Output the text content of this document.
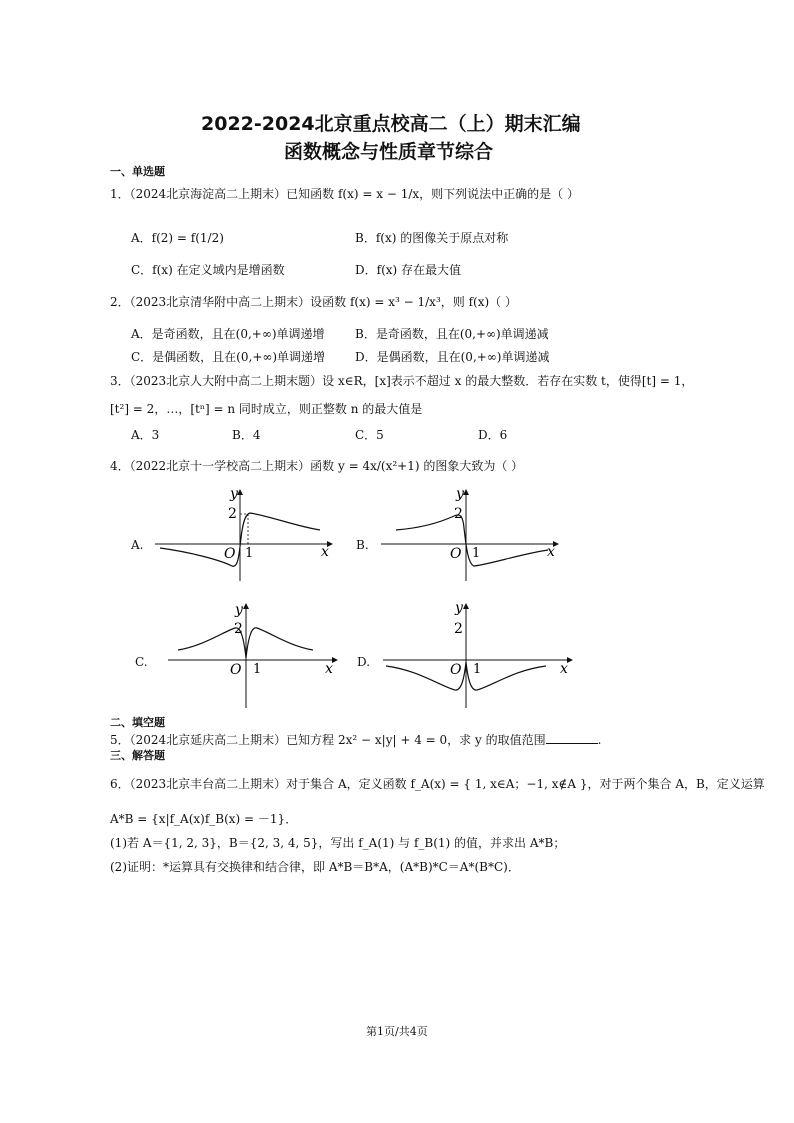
2022-2024北京重点校高二（上）期末汇编
函数概念与性质章节综合
一、单选题
1．（2024北京海淀高二上期末）已知函数 f(x) = x − 1/x，则下列说法中正确的是（ ）
A．f(2) = f(1/2)	B．f(x) 的图像关于原点对称
C．f(x) 在定义域内是增函数	D．f(x) 存在最大值
2．（2023北京清华附中高二上期末）设函数 f(x) = x³ − 1/x³，则 f(x)（ ）
A．是奇函数，且在(0,+∞)单调递增	B．是奇函数，且在(0,+∞)单调递减
C．是偶函数，且在(0,+∞)单调递增 D．是偶函数，且在(0,+∞)单调递减
3．（2023北京人大附中高二上期末题）设 x∈R，[x]表示不超过 x 的最大整数．若存在实数 t，使得[t] = 1，
[t²] = 2，…，[tⁿ] = n 同时成立，则正整数 n 的最大值是
A．3	B．4	C．5	D．6
4．（2022北京十一学校高二上期末）函数 y = 4x/(x²+1) 的图象大致为（ ）
A.	B.
C.	D.
y
2
O 1	x
y
2
O 1	x
y
2
O 1	x
y
2
O 1	x
二、填空题
5．（2024北京延庆高二上期末）已知方程 2x² − x|y| + 4 = 0，求 y 的取值范围	.
三、解答题
6．（2023北京丰台高二上期末）对于集合 A，定义函数 f_A(x) = { 1, x∈A；−1, x∉A }，对于两个集合 A，B，定义运算
A*B = {x|f_A(x)f_B(x) = －1}．
(1)若 A＝{1, 2, 3}，B＝{2, 3, 4, 5}，写出 f_A(1) 与 f_B(1) 的值，并求出 A*B；
(2)证明：*运算具有交换律和结合律，即 A*B＝B*A，(A*B)*C＝A*(B*C)．
第1页/共4页
